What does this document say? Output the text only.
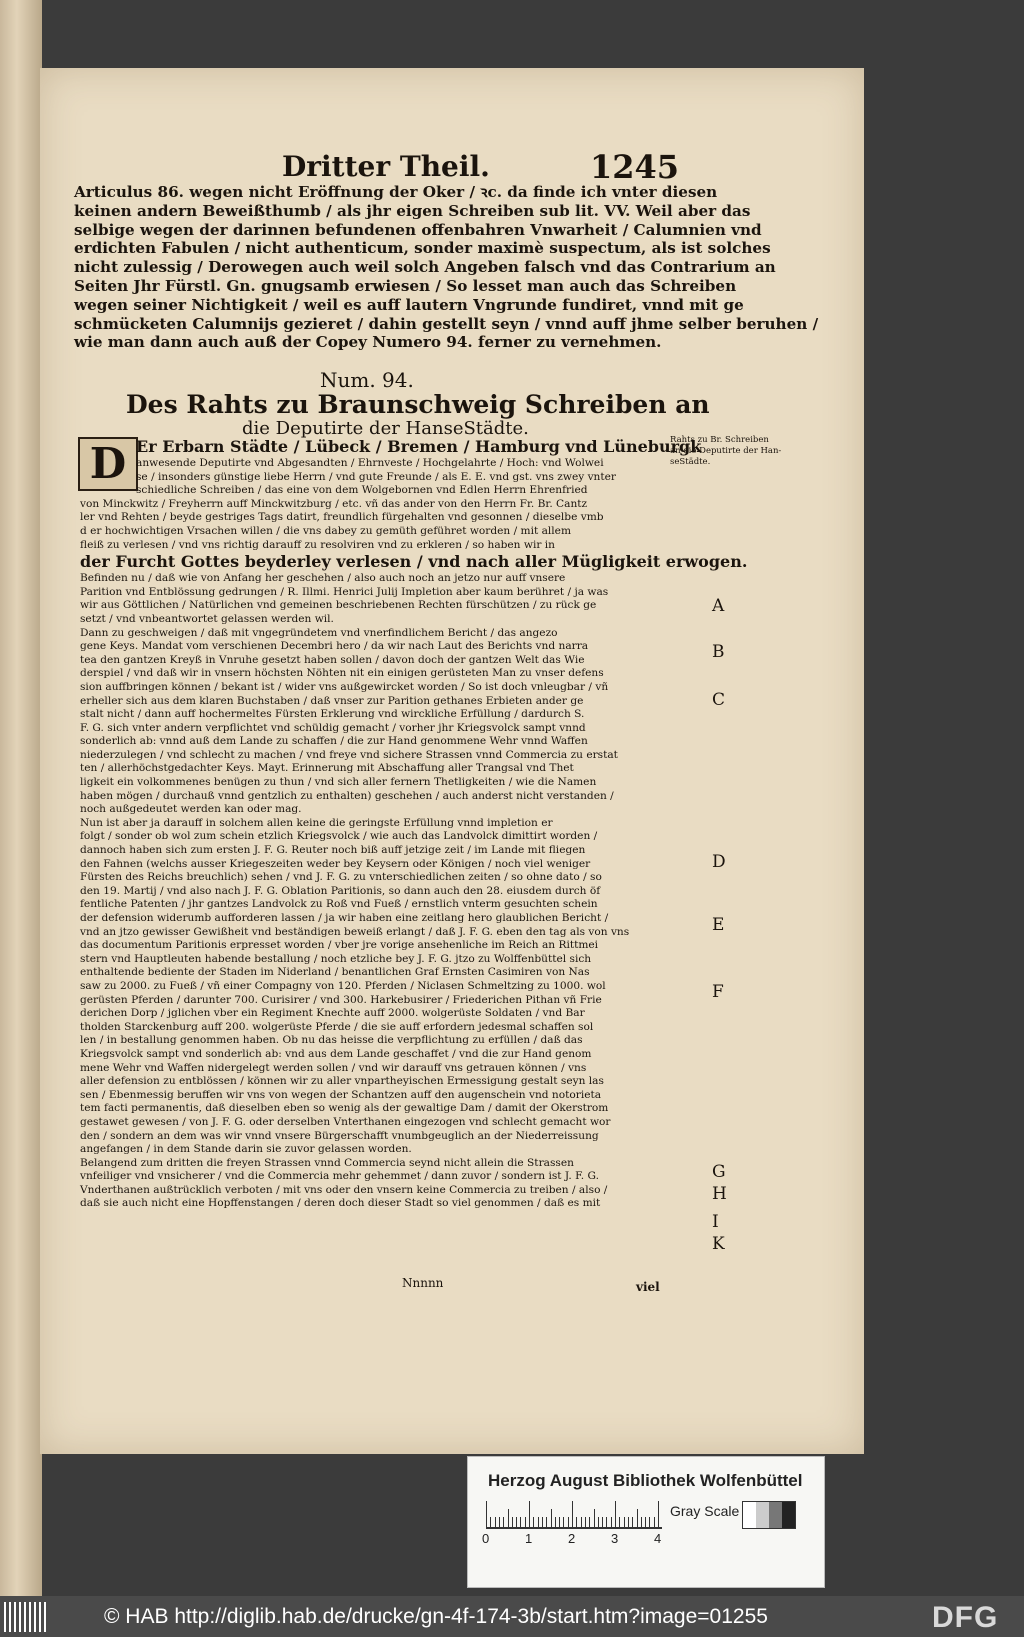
Dritter Theil.	1245
Articulus 86. wegen nicht Eröffnung der Oker / ꝛc. da finde ich vnter diesen
keinen andern Beweißthumb / als jhr eigen Schreiben sub lit. VV. Weil aber das
selbige wegen der darinnen befundenen offenbahren Vnwarheit / Calumnien vnd
erdichten Fabulen / nicht authenticum, sonder maximè suspectum, als ist solches
nicht zulessig / Derowegen auch weil solch Angeben falsch vnd das Contrarium an
Seiten Jhr Fürstl. Gn. gnugsamb erwiesen / So lesset man auch das Schreiben
wegen seiner Nichtigkeit / weil es auff lautern Vngrunde fundiret, vnnd mit ge
schmücketen Calumnijs gezieret / dahin gestellt seyn / vnnd auff jhme selber beruhen /
wie man dann auch auß der Copey Numero 94. ferner zu vernehmen.
Num. 94.
Des Rahts zu Braunschweig Schreiben an
die Deputirte der HanseStädte.
D Er Erbarn Städte / Lübeck / Bremen / Hamburg vnd Lüneburgk
anwesende Deputirte vnd Abgesandten / Ehrnveste / Hochgelahrte / Hoch: vnd Wolwei
se / insonders günstige liebe Herrn / vnd gute Freunde / als E. E. vnd gst. vns zwey vnter
schiedliche Schreiben / das eine von dem Wolgebornen vnd Edlen Herrn Ehrenfried
von Minckwitz / Freyherrn auff Minckwitzburg / etc. vñ das ander von den Herrn Fr. Br. Cantz
ler vnd Rehten / beyde gestriges Tags datirt, freundlich fürgehalten vnd gesonnen / dieselbe vmb
d er hochwichtigen Vrsachen willen / die vns dabey zu gemüth geführet worden / mit allem
fleiß zu verlesen / vnd vns richtig darauff zu resolviren vnd zu erkleren / so haben wir in
der Furcht Gottes beyderley verlesen / vnd nach aller Mügligkeit erwogen.
Befinden nu / daß wie von Anfang her geschehen / also auch noch an jetzo nur auff vnsere
Parition vnd Entblössung gedrungen / R. Illmi. Henrici Julij Impletion aber kaum berühret / ja was
wir aus Göttlichen / Natürlichen vnd gemeinen beschriebenen Rechten fürschützen / zu rück ge
setzt / vnd vnbeantwortet gelassen werden wil.
Dann zu geschweigen / daß mit vngegründetem vnd vnerfindlichem Bericht / das angezo
gene Keys. Mandat vom verschienen Decembri hero / da wir nach Laut des Berichts vnd narra
tea den gantzen Kreyß in Vnruhe gesetzt haben sollen / davon doch der gantzen Welt das Wie
derspiel / vnd daß wir in vnsern höchsten Nöhten nit ein einigen gerüsteten Man zu vnser defens
sion auffbringen können / bekant ist / wider vns außgewircket worden / So ist doch vnleugbar / vñ
erheller sich aus dem klaren Buchstaben / daß vnser zur Parition gethanes Erbieten ander ge
stalt nicht / dann auff hochermeltes Fürsten Erklerung vnd wirckliche Erfüllung / dardurch S.
F. G. sich vnter andern verpflichtet vnd schüldig gemacht / vorher jhr Kriegsvolck sampt vnnd
sonderlich ab: vnnd auß dem Lande zu schaffen / die zur Hand genommene Wehr vnnd Waffen
niederzulegen / vnd schlecht zu machen / vnd freye vnd sichere Strassen vnnd Commercia zu erstat
ten / allerhöchstgedachter Keys. Mayt. Erinnerung mit Abschaffung aller Trangsal vnd Thet
ligkeit ein volkommenes benügen zu thun / vnd sich aller fernern Thetligkeiten / wie die Namen
haben mögen / durchauß vnnd gentzlich zu enthalten) geschehen / auch anderst nicht verstanden /
noch außgedeutet werden kan oder mag.
Nun ist aber ja darauff in solchem allen keine die geringste Erfüllung vnnd impletion er
folgt / sonder ob wol zum schein etzlich Kriegsvolck / wie auch das Landvolck dimittirt worden /
dannoch haben sich zum ersten J. F. G. Reuter noch biß auff jetzige zeit / im Lande mit fliegen
den Fahnen (welchs ausser Kriegeszeiten weder bey Keysern oder Königen / noch viel weniger
Fürsten des Reichs breuchlich) sehen / vnd J. F. G. zu vnterschiedlichen zeiten / so ohne dato / so
den 19. Martij / vnd also nach J. F. G. Oblation Paritionis, so dann auch den 28. eiusdem durch öf
fentliche Patenten / jhr gantzes Landvolck zu Roß vnd Fueß / ernstlich vnterm gesuchten schein
der defension widerumb aufforderen lassen / ja wir haben eine zeitlang hero glaublichen Bericht /
vnd an jtzo gewisser Gewißheit vnd beständigen beweiß erlangt / daß J. F. G. eben den tag als von vns
das documentum Paritionis erpresset worden / vber jre vorige ansehenliche im Reich an Rittmei
stern vnd Hauptleuten habende bestallung / noch etzliche bey J. F. G. jtzo zu Wolffenbüttel sich
enthaltende bediente der Staden im Niderland / benantlichen Graf Ernsten Casimiren von Nas
saw zu 2000. zu Fueß / vñ einer Compagny von 120. Pferden / Niclasen Schmeltzing zu 1000. wol
gerüsten Pferden / darunter 700. Curisirer / vnd 300. Harkebusirer / Friederichen Pithan vñ Frie
derichen Dorp / jglichen vber ein Regiment Knechte auff 2000. wolgerüste Soldaten / vnd Bar
tholden Starckenburg auff 200. wolgerüste Pferde / die sie auff erfordern jedesmal schaffen sol
len / in bestallung genommen haben. Ob nu das heisse die verpflichtung zu erfüllen / daß das
Kriegsvolck sampt vnd sonderlich ab: vnd aus dem Lande geschaffet / vnd die zur Hand genom
mene Wehr vnd Waffen nidergelegt werden sollen / vnd wir darauff vns getrauen können / vns
aller defension zu entblössen / können wir zu aller vnpartheyischen Ermessigung gestalt seyn las
sen / Ebenmessig beruffen wir vns von wegen der Schantzen auff den augenschein vnd notorieta
tem facti permanentis, daß dieselben eben so wenig als der gewaltige Dam / damit der Okerstrom
gestawet gewesen / von J. F. G. oder derselben Vnterthanen eingezogen vnd schlecht gemacht wor
den / sondern an dem was wir vnnd vnsere Bürgerschafft vnumbgeuglich an der Niederreissung
angefangen / in dem Stande darin sie zuvor gelassen worden.
Belangend zum dritten die freyen Strassen vnnd Commercia seynd nicht allein die Strassen
vnfeiliger vnd vnsicherer / vnd die Commercia mehr gehemmet / dann zuvor / sondern ist J. F. G.
Vnderthanen außtrücklich verboten / mit vns oder den vnsern keine Commercia zu treiben / also /
daß sie auch nicht eine Hopffenstangen / deren doch dieser Stadt so viel genommen / daß es mit
Rahts zu Br. Schreiben
an die Deputirte der Han-
seStädte.
A
B
C
D
E
F
G
H
I
K
Nnnnn	viel
Herzog August Bibliothek Wolfenbüttel
0	1	2	3	4
Gray Scale
© HAB http://diglib.hab.de/drucke/gn-4f-174-3b/start.htm?image=01255	DFG
